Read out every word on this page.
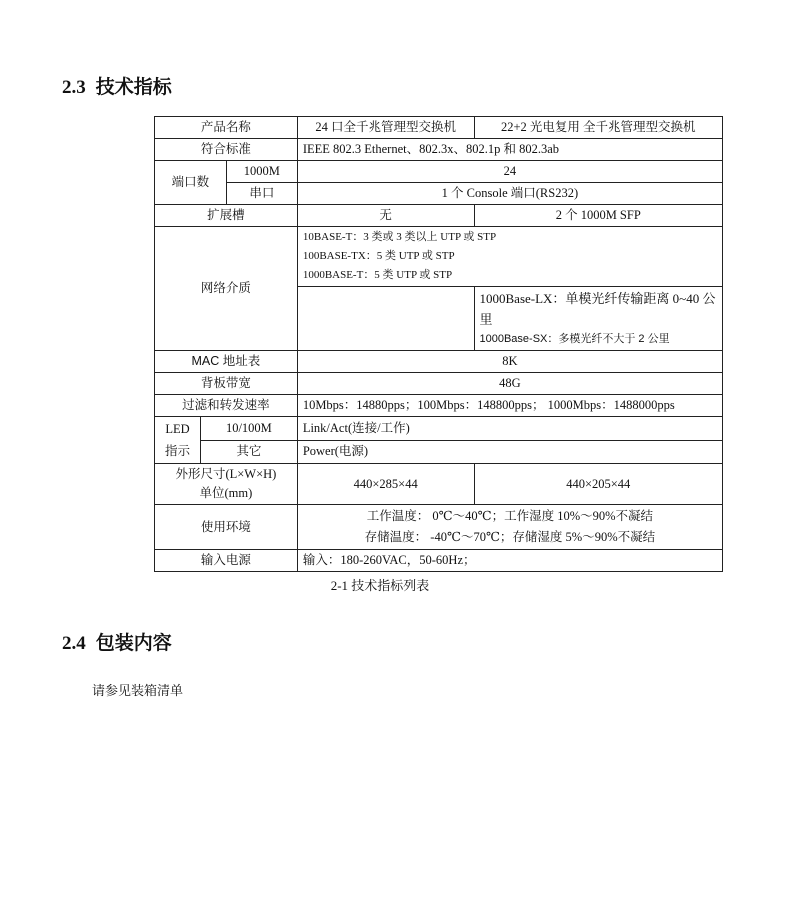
2.3 技术指标
产品名称			24 口全千兆管理型交换机	22+2 光电复用 全千兆管理型交换机
符合标准			IEEE 802.3 Ethernet、802.3x、802.1p 和 802.3ab	
端口数		1000M	24	
		串口	1 个 Console 端口(RS232)	
扩展槽			无	2 个 1000M SFP
网络介质			10BASE-T：3 类或 3 类以上 UTP 或 STP
100BASE-TX：5 类 UTP 或 STP
1000BASE-T：5 类 UTP 或 STP	

				1000Base-LX：单模光纤传输距离 0~40 公里
1000Base-SX：多模光纤不大于 2 公里

MAC 地址表			8K	
背板带宽			48G	
过滤和转发速率			10Mbps：14880pps；100Mbps：148800pps； 1000Mbps：1488000pps	

LED
指示	10/100M		Link/Act(连接/工作)	
	其它		Power(电源)	

外形尺寸(L×W×H)
单位(mm)			440×285×44	440×205×44
使用环境			工作温度： 0℃～40℃；工作湿度 10%～90%不凝结
存储温度： -40℃～70℃；存储湿度 5%～90%不凝结	

输入电源			输入：180-260VAC，50-60Hz；	
2-1 技术指标列表
2.4 包装内容
请参见装箱清单
